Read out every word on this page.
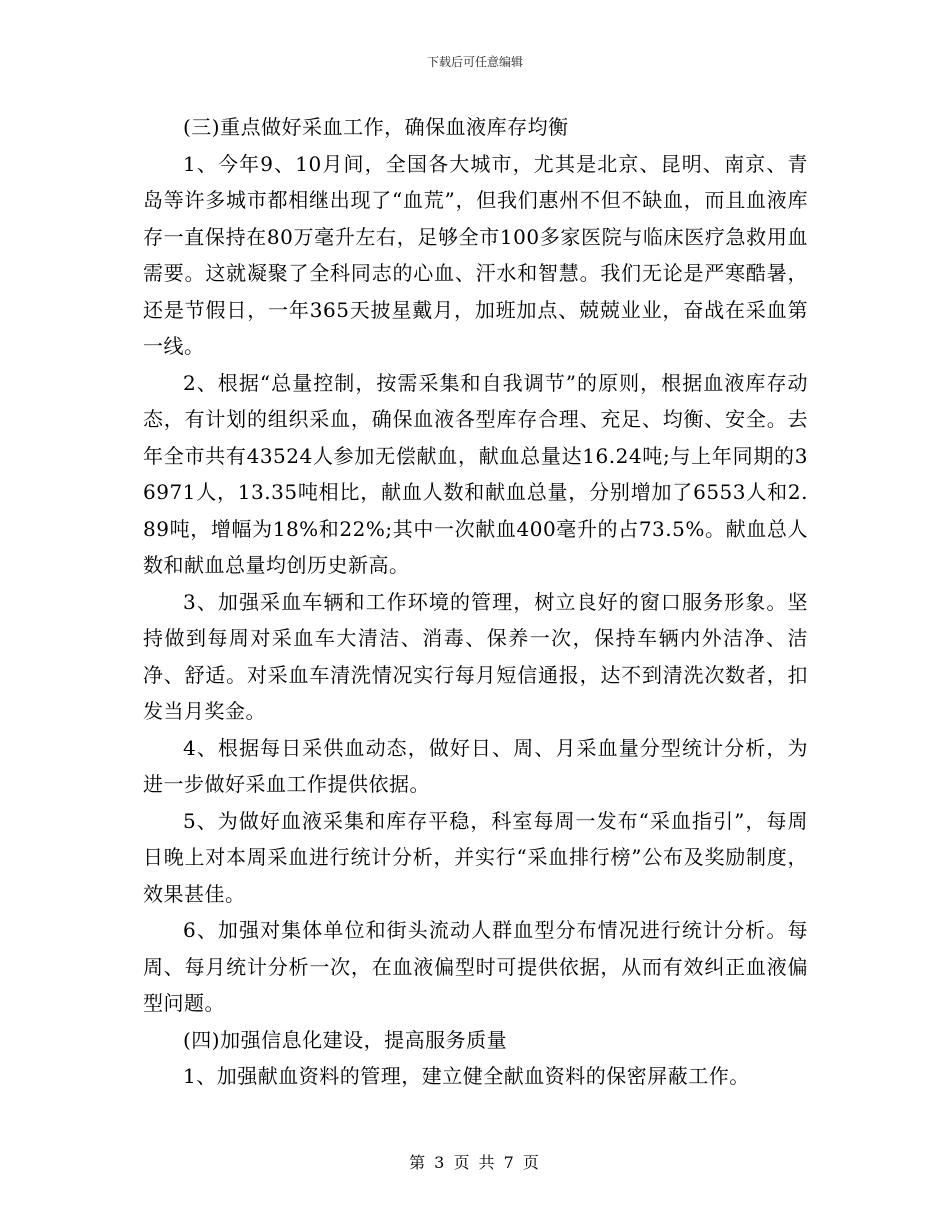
下载后可任意编辑

(三)重点做好采血工作，确保血液库存均衡

1、今年9、10月间，全国各大城市，尤其是北京、昆明、南京、青岛等许多城市都相继出现了“血荒”，但我们惠州不但不缺血，而且血液库存一直保持在80万毫升左右，足够全市100多家医院与临床医疗急救用血需要。这就凝聚了全科同志的心血、汗水和智慧。我们无论是严寒酷暑，还是节假日，一年365天披星戴月，加班加点、兢兢业业，奋战在采血第一线。

2、根据“总量控制，按需采集和自我调节”的原则，根据血液库存动态，有计划的组织采血，确保血液各型库存合理、充足、均衡、安全。去年全市共有43524人参加无偿献血，献血总量达16.24吨;与上年同期的36971人，13.35吨相比，献血人数和献血总量，分别增加了6553人和2.89吨，增幅为18%和22%;其中一次献血400毫升的占73.5%。献血总人数和献血总量均创历史新高。

3、加强采血车辆和工作环境的管理，树立良好的窗口服务形象。坚持做到每周对采血车大清洁、消毒、保养一次，保持车辆内外洁净、洁净、舒适。对采血车清洗情况实行每月短信通报，达不到清洗次数者，扣发当月奖金。

4、根据每日采供血动态，做好日、周、月采血量分型统计分析，为进一步做好采血工作提供依据。

5、为做好血液采集和库存平稳，科室每周一发布“采血指引”，每周日晚上对本周采血进行统计分析，并实行“采血排行榜”公布及奖励制度，效果甚佳。

6、加强对集体单位和街头流动人群血型分布情况进行统计分析。每周、每月统计分析一次，在血液偏型时可提供依据，从而有效纠正血液偏型问题。

(四)加强信息化建设，提高服务质量

1、加强献血资料的管理，建立健全献血资料的保密屏蔽工作。

第 3 页 共 7 页
